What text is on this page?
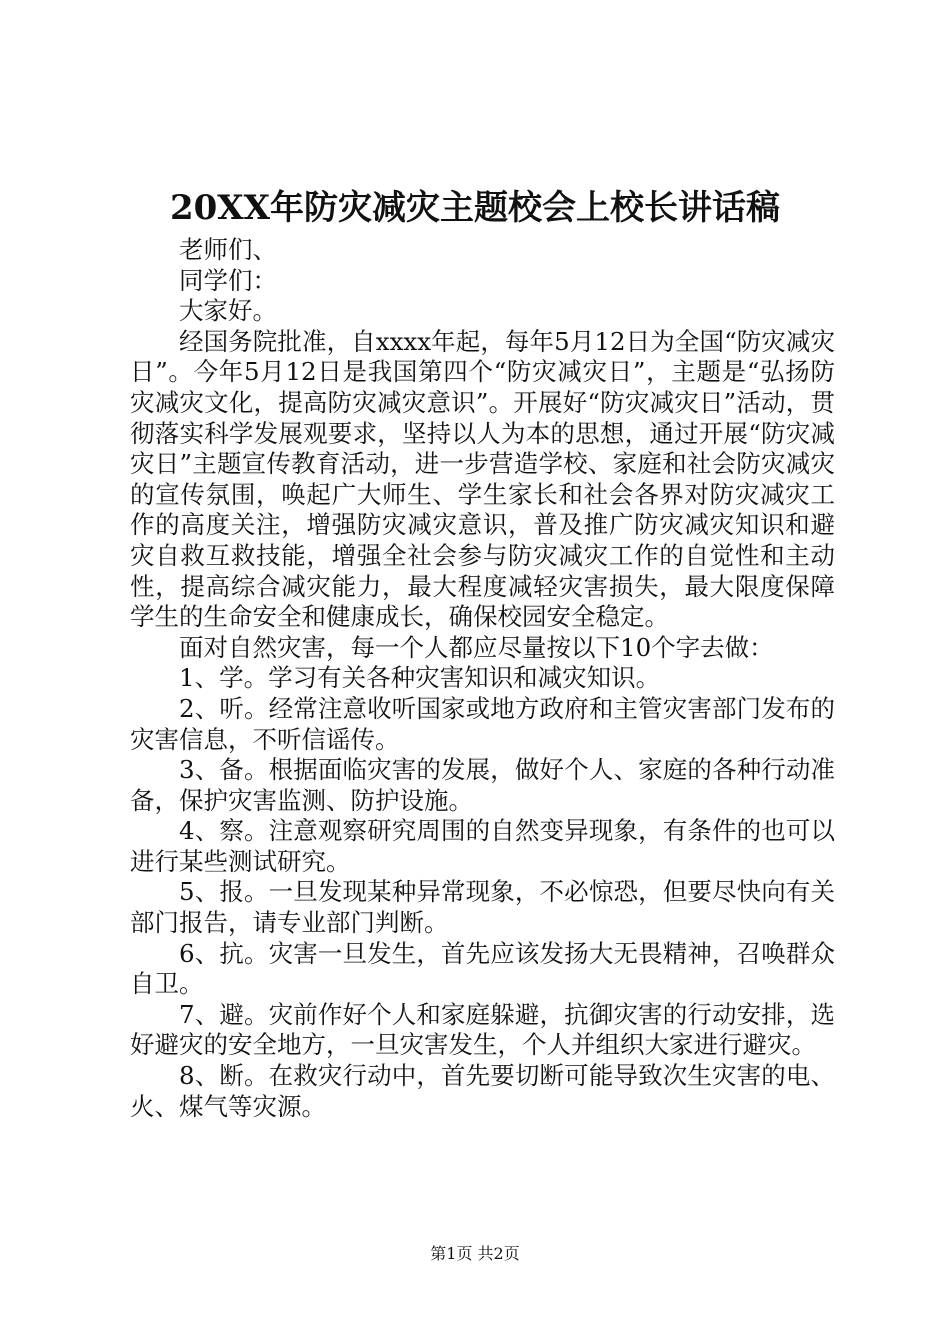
20XX年防灾减灾主题校会上校长讲话稿

老师们、

同学们：

大家好。

经国务院批准，自xxxx年起，每年5月12日为全国“防灾减灾日”。今年5月12日是我国第四个“防灾减灾日”，主题是“弘扬防灾减灾文化，提高防灾减灾意识”。开展好“防灾减灾日”活动，贯彻落实科学发展观要求，坚持以人为本的思想，通过开展“防灾减灾日”主题宣传教育活动，进一步营造学校、家庭和社会防灾减灾的宣传氛围，唤起广大师生、学生家长和社会各界对防灾减灾工作的高度关注，增强防灾减灾意识，普及推广防灾减灾知识和避灾自救互救技能，增强全社会参与防灾减灾工作的自觉性和主动性，提高综合减灾能力，最大程度减轻灾害损失，最大限度保障学生的生命安全和健康成长，确保校园安全稳定。

面对自然灾害，每一个人都应尽量按以下10个字去做：

1、学。学习有关各种灾害知识和减灾知识。

2、听。经常注意收听国家或地方政府和主管灾害部门发布的灾害信息，不听信谣传。

3、备。根据面临灾害的发展，做好个人、家庭的各种行动准备，保护灾害监测、防护设施。

4、察。注意观察研究周围的自然变异现象，有条件的也可以进行某些测试研究。

5、报。一旦发现某种异常现象，不必惊恐，但要尽快向有关部门报告，请专业部门判断。

6、抗。灾害一旦发生，首先应该发扬大无畏精神，召唤群众自卫。

7、避。灾前作好个人和家庭躲避，抗御灾害的行动安排，选好避灾的安全地方，一旦灾害发生，个人并组织大家进行避灾。

8、断。在救灾行动中，首先要切断可能导致次生灾害的电、火、煤气等灾源。

第1页 共2页
